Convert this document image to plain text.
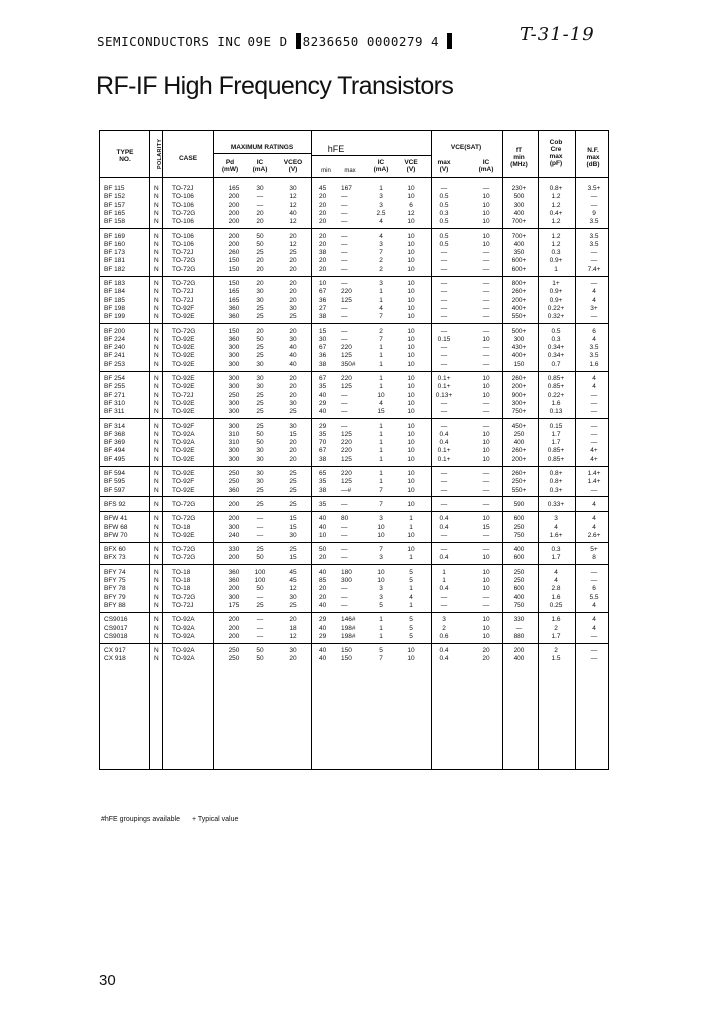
SEMICONDUCTORS INC 09E D 8236650 0000279 4	T-31-19
RF-IF High Frequency Transistors
TYPE
NO.	POLARITY CASE
MAXIMUM RATINGS
Pd
(mW)
IC
(mA)
VCEO
(V)
hFE
min max
IC
(mA)
VCE
(V)
VCE(SAT)
max
(V)
IC
(mA)
fT
min
(MHz)
Cob
Cre
max
(pF)
N.F.
max
(dB)
BF 115	N TO-72J	165	30	30	45 167	1	10	—	—	230+	0.8+	3.5+
BF 152	N TO-106	200	—	12	20 —	3	10	0.5	10	500	1.2	—
BF 157	N TO-106	200	—	12	20 —	3	6	0.5	10	300	1.2	—
BF 165	N TO-72G	200	20	40	20 —	2.5	12	0.3	10	400	0.4+	9
BF 158	N TO-106	200	20	12	20 —	4	10	0.5	10	700+	1.2	3.5
BF 169	N TO-106	200	50	20	20 —	4	10	0.5	10	700+	1.2	3.5
BF 160	N TO-106	200	50	12	20 —	3	10	0.5	10	400	1.2	3.5
BF 173	N TO-72J	260	25	25	38 —	7	10	—	—	350	0.3	—
BF 181	N TO-72G	150	20	20	20 —	2	10	—	—	600+	0.9+	—
BF 182	N TO-72G	150	20	20	20 —	2	10	—	—	600+	1	7.4+
BF 183	N TO-72G	150	20	20	10 —	3	10	—	—	800+	1+	—
BF 184	N TO-72J	165	30	20	67 220	1	10	—	—	260+	0.9+	4
BF 185	N TO-72J	165	30	20	36 125	1	10	—	—	200+	0.9+	4
BF 198	N TO-92F	360	25	30	27 —	4	10	—	—	400+	0.22+	3+
BF 199	N TO-92E	360	25	25	38 —	7	10	—	—	550+	0.32+	—
BF 200	N TO-72G	150	20	20	15 —	2	10	—	—	500+	0.5	6
BF 224	N TO-92E	360	50	30	30 —	7	10	0.15	10	300	0.3	4
BF 240	N TO-92E	300	25	40	67 220	1	10	—	—	430+	0.34+	3.5
BF 241	N TO-92E	300	25	40	36 125	1	10	—	—	400+	0.34+	3.5
BF 253	N TO-92E	300	30	40	38 350#	1	10	—	—	150	0.7	1.6
BF 254	N TO-92E	300	30	20	67 220	1	10	0.1+	10	260+	0.85+	4
BF 255	N TO-92E	300	30	20	35 125	1	10	0.1+	10	200+	0.85+	4
BF 271	N TO-72J	250	25	20	40 —	10	10	0.13+	10	900+	0.22+	—
BF 310	N TO-92E	300	25	30	29 —	4	10	—	—	300+	1.6	—
BF 311	N TO-92E	300	25	25	40 —	15	10	—	—	750+	0.13	—
BF 314	N TO-92F	300	25	30	29 —	1	10	—	—	450+	0.15	—
BF 368	N TO-92A	310	50	15	35 125	1	10	0.4	10	250	1.7	—
BF 369	N TO-92A	310	50	20	70 220	1	10	0.4	10	400	1.7	—
BF 494	N TO-92E	300	30	20	67 220	1	10	0.1+	10	260+	0.85+	4+
BF 495	N TO-92E	300	30	20	38 125	1	10	0.1+	10	200+	0.85+	4+
BF 594	N TO-92E	250	30	25	65 220	1	10	—	—	260+	0.8+	1.4+
BF 595	N TO-92F	250	30	25	35 125	1	10	—	—	250+	0.8+	1.4+
BF 597	N TO-92E	360	25	25	38 —#	7	10	—	—	550+	0.3+	—
BFS 92	N TO-72G	200	25	25	35 —	7	10	—	—	590	0.33+	4
BFW 41	N TO-72G	200	—	15	40 80	3	1	0.4	10	600	3	4
BFW 68	N TO-18	300	—	15	40 —	10	1	0.4	15	250	4	4
BFW 70	N TO-92E	240	—	30	10 —	10	10	—	—	750	1.6+	2.6+
BFX 60	N TO-72G	330	25	25	50 —	7	10	—	—	400	0.3	5+
BFX 73	N TO-72G	200	50	15	20 —	3	1	0.4	10	600	1.7	8
BFY 74	N TO-18	360	100	45	40 180	10	5	1	10	250	4	—
BFY 75	N TO-18	360	100	45	85 300	10	5	1	10	250	4	—
BFY 78	N TO-18	200	50	12	20 —	3	1	0.4	10	600	2.8	6
BFY 79	N TO-72G	300	—	30	20 —	3	4	—	—	400	1.6	5.5
BFY 88	N TO-72J	175	25	25	40 —	5	1	—	—	750	0.25	4
CS9016	N TO-92A	200	—	20	29 146#	1	5	3	10	330	1.6	4
CS9017	N TO-92A	200	—	18	40 198#	1	5	2	10	—	2	4
CS9018	N TO-92A	200	—	12	29 198#	1	5	0.6	10	880	1.7	—
CX 917	N TO-92A	250	50	30	40 150	5	10	0.4	20	200	2	—
CX 918	N TO-92A	250	50	20	40 150	7	10	0.4	20	400	1.5	—
#hFE groupings available + Typical value
30
